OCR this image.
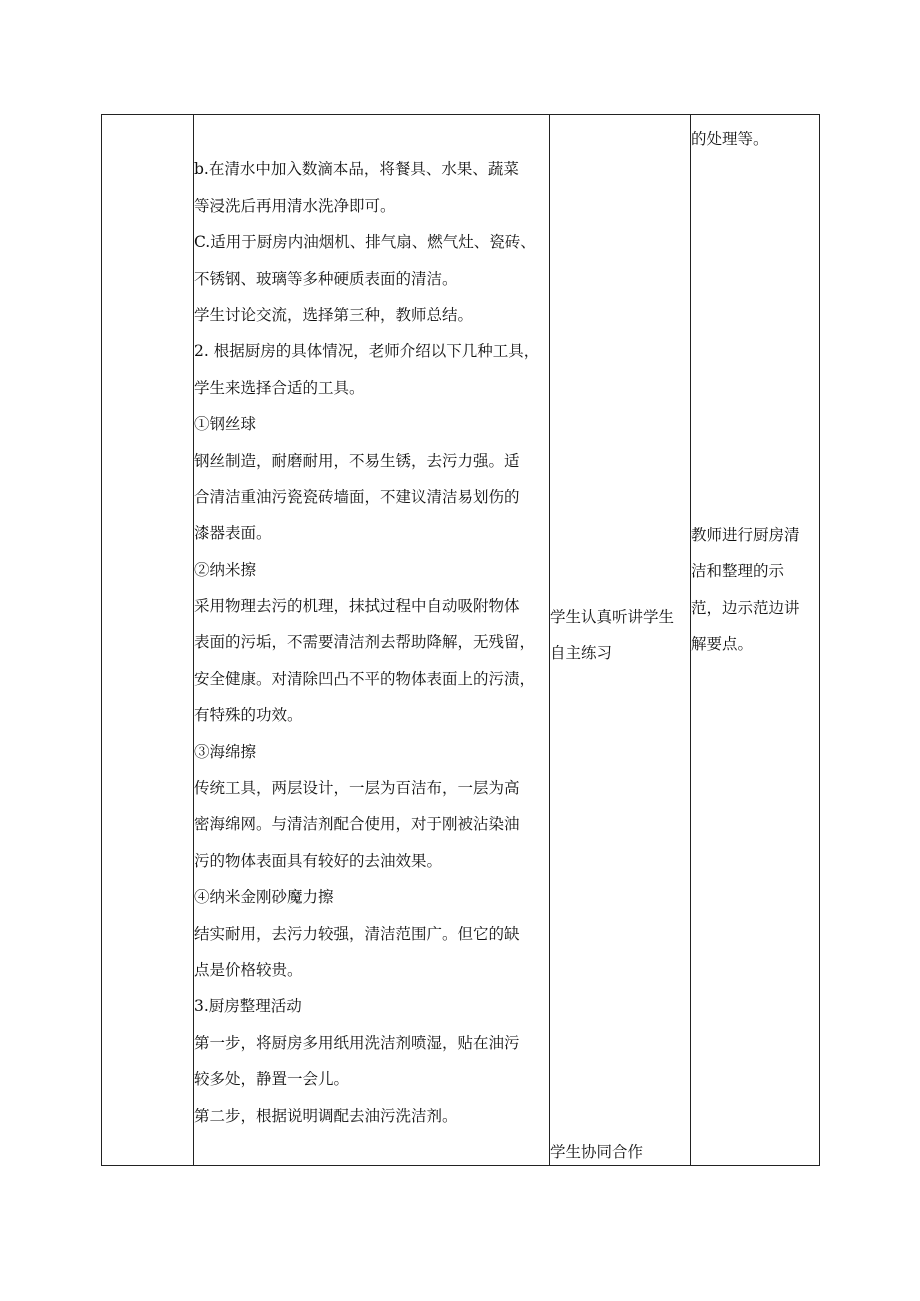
b.在清水中加入数滴本品，将餐具、水果、蔬菜
等浸洗后再用清水洗净即可。
C.适用于厨房内油烟机、排气扇、燃气灶、瓷砖、
不锈钢、玻璃等多种硬质表面的清洁。
学生讨论交流，选择第三种，教师总结。
2. 根据厨房的具体情况，老师介绍以下几种工具，
学生来选择合适的工具。
①钢丝球
钢丝制造，耐磨耐用，不易生锈，去污力强。适
合清洁重油污瓷瓷砖墙面，不建议清洁易划伤的
漆器表面。
②纳米擦
采用物理去污的机理，抹拭过程中自动吸附物体
表面的污垢，不需要清洁剂去帮助降解，无残留，
安全健康。对清除凹凸不平的物体表面上的污渍，
有特殊的功效。
③海绵擦
传统工具，两层设计，一层为百洁布，一层为高
密海绵网。与清洁剂配合使用，对于刚被沾染油
污的物体表面具有较好的去油效果。
④纳米金刚砂魔力擦
结实耐用，去污力较强，清洁范围广。但它的缺
点是价格较贵。
3.厨房整理活动
第一步，将厨房多用纸用洗洁剂喷湿，贴在油污
较多处，静置一会儿。
第二步，根据说明调配去油污洗洁剂。
学生认真听讲学生
自主练习
学生协同合作
的处理等。
教师进行厨房清
洁和整理的示
范，边示范边讲
解要点。
